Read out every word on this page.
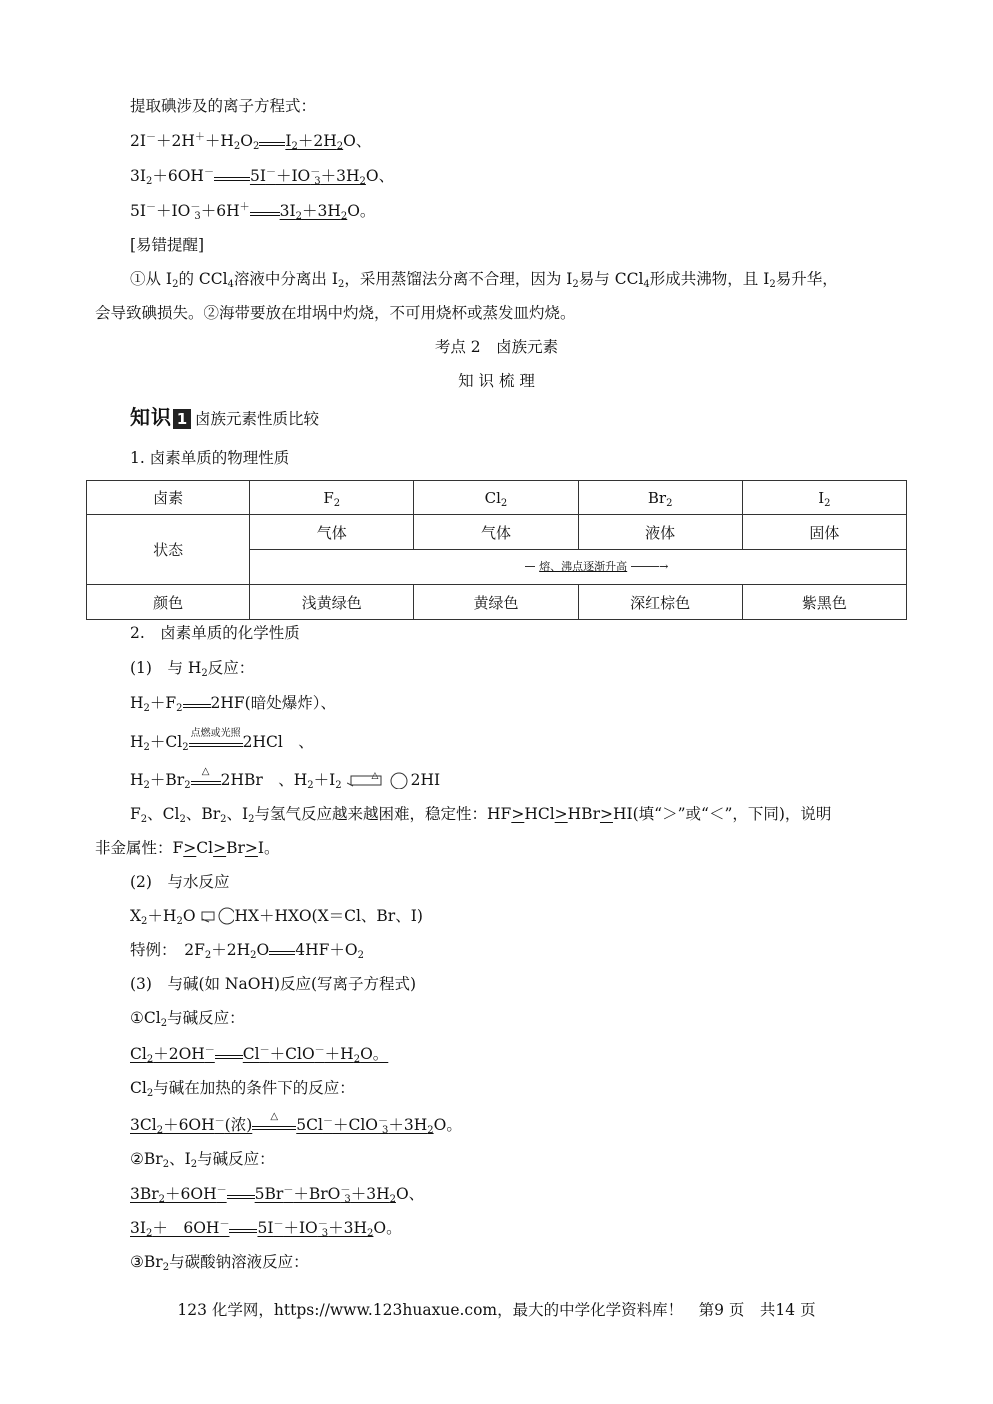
提取碘涉及的离子方程式：
$2I^-+2H^++H_2O_2$ $I_2+2H_2O$、
$3I_2+6OH^-$ $5I^-+IO^-_3+3H_2O$、
$5I^-+IO^-_3+6H^+$ $3I_2+3H_2O$。
[易错提醒]
①从 $I_2$的 CCl$_4$溶液中分离出 $I_2$，采用蒸馏法分离不合理，因为 $I_2$易与 CCl$_4$形成共沸物，且 $I_2$易升华，
会导致碘损失。②海带要放在坩埚中灼烧，不可用烧杯或蒸发皿灼烧。
考点 2　卤族元素
知 识 梳 理
知识 1 卤族元素性质比较
1. 卤素单质的物理性质
卤素	$F_2$	$Cl_2$	$Br_2$	$I_2$
状态	气体	气体	液体	固体

	熔、沸点逐渐升高 →			

颜色	浅黄绿色	黄绿色	深红棕色	紫黑色
2.　卤素单质的化学性质
(1)　与 $H_2$反应：
$H_2+F_2$ 2HF(暗处爆炸）、
$H_2+Cl_2$
点燃或光照 2HCl　、
$H_2+Br_2$
△ 2HBr　、$H_2+I_2$
△ 2HI
$F_2$、$Cl_2$、$Br_2$、$I_2$与氢气反应越来越困难，稳定性：HF>HCl>HBr>HI(填“＞”或“＜”，下同)，说明
非金属性：F>Cl>Br>I。
(2)　与水反应
$X_2+H_2O$	HX＋HXO(X＝Cl、Br、I)
特例：　$2F_2+2H_2O$ $4HF+O_2$
(3)　与碱(如 NaOH)反应(写离子方程式)
$①Cl_2$与碱反应：
$Cl_2+2OH^-$ $Cl^-+ClO^-+H_2O$。
$Cl_2$与碱在加热的条件下的反应：
$3Cl_2+6OH^-$(浓)	△	$5Cl^-+ClO^-_3+3H_2O$。
$②Br_2$、$I_2$与碱反应：
$3Br_2+6OH^-$ $5Br^-+BrO^-_3+3H_2O$、
$3I_2+$　6OH－ $5I^-+IO^-_3+3H_2O$。
$③Br_2$与碳酸钠溶液反应：
123 化学网，https://www.123huaxue.com，最大的中学化学资料库！　第9 页　共14 页
